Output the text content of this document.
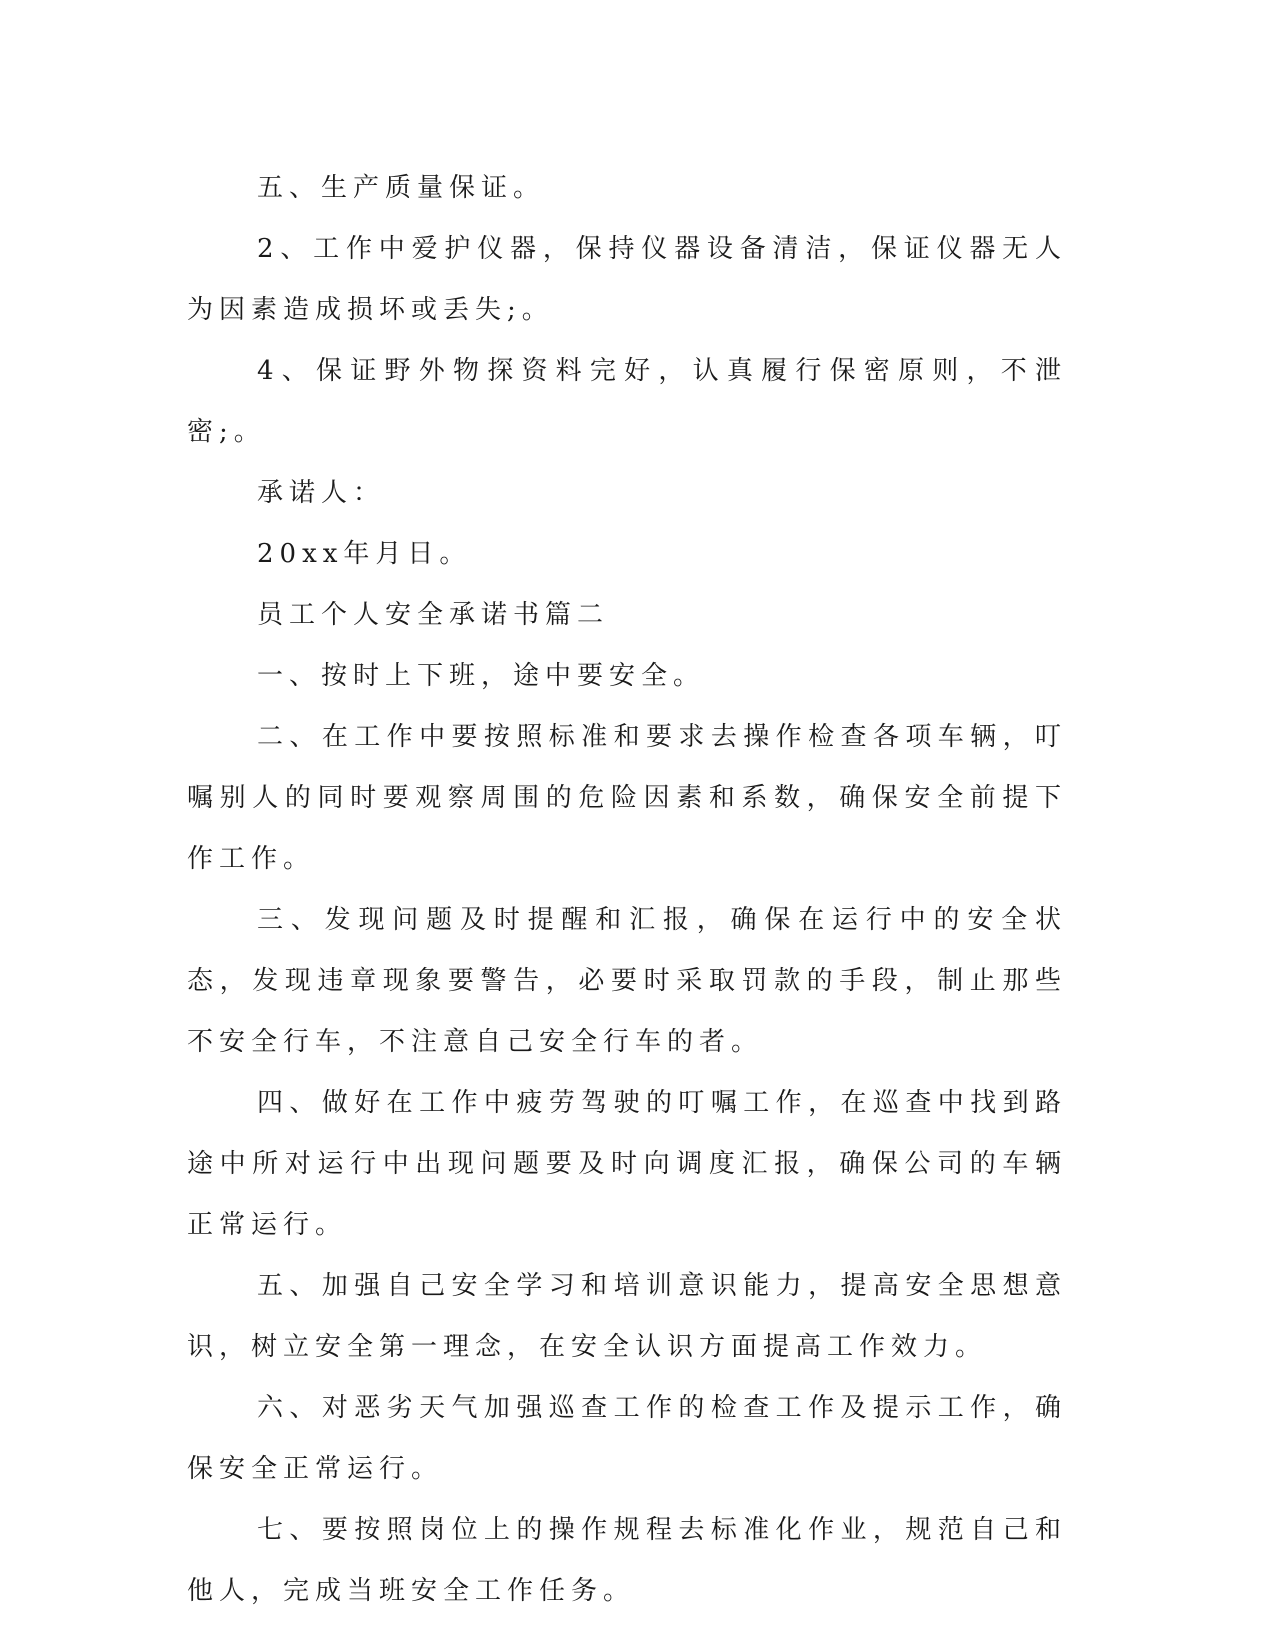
五、生产质量保证。

2、工作中爱护仪器，保持仪器设备清洁，保证仪器无人为因素造成损坏或丢失;。

4、保证野外物探资料完好，认真履行保密原则，不泄密;。

承诺人：

20xx年月日。

员工个人安全承诺书篇二

一、按时上下班，途中要安全。

二、在工作中要按照标准和要求去操作检查各项车辆，叮嘱别人的同时要观察周围的危险因素和系数，确保安全前提下作工作。

三、发现问题及时提醒和汇报，确保在运行中的安全状态，发现违章现象要警告，必要时采取罚款的手段，制止那些不安全行车，不注意自己安全行车的者。

四、做好在工作中疲劳驾驶的叮嘱工作，在巡查中找到路途中所对运行中出现问题要及时向调度汇报，确保公司的车辆正常运行。

五、加强自己安全学习和培训意识能力，提高安全思想意识，树立安全第一理念，在安全认识方面提高工作效力。

六、对恶劣天气加强巡查工作的检查工作及提示工作，确保安全正常运行。

七、要按照岗位上的操作规程去标准化作业，规范自己和他人，完成当班安全工作任务。
